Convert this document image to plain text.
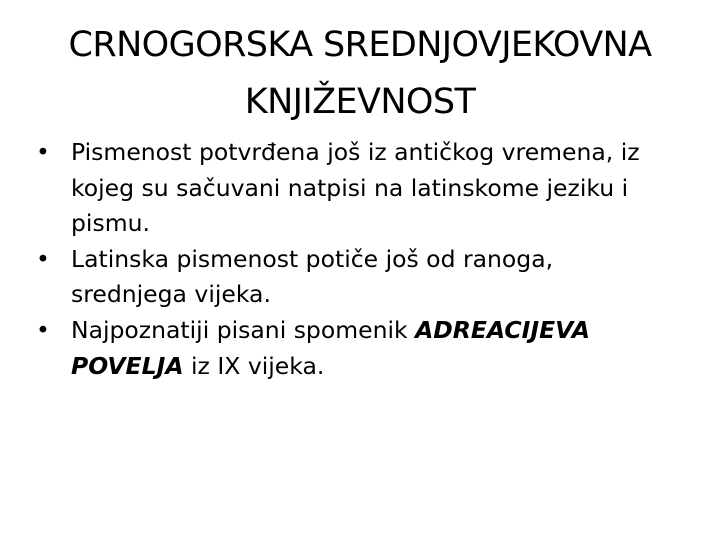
CRNOGORSKA SREDNJOVJEKOVNA
KNJIŽEVNOST
• Pismenost potvrđena još iz antičkog vremena, iz kojeg su sačuvani natpisi na latinskome jeziku i pismu.
• Latinska pismenost potiče još od ranoga, srednjega vijeka.
• Najpoznatiji pisani spomenik ADREACIJEVA POVELJA iz IX vijeka.
